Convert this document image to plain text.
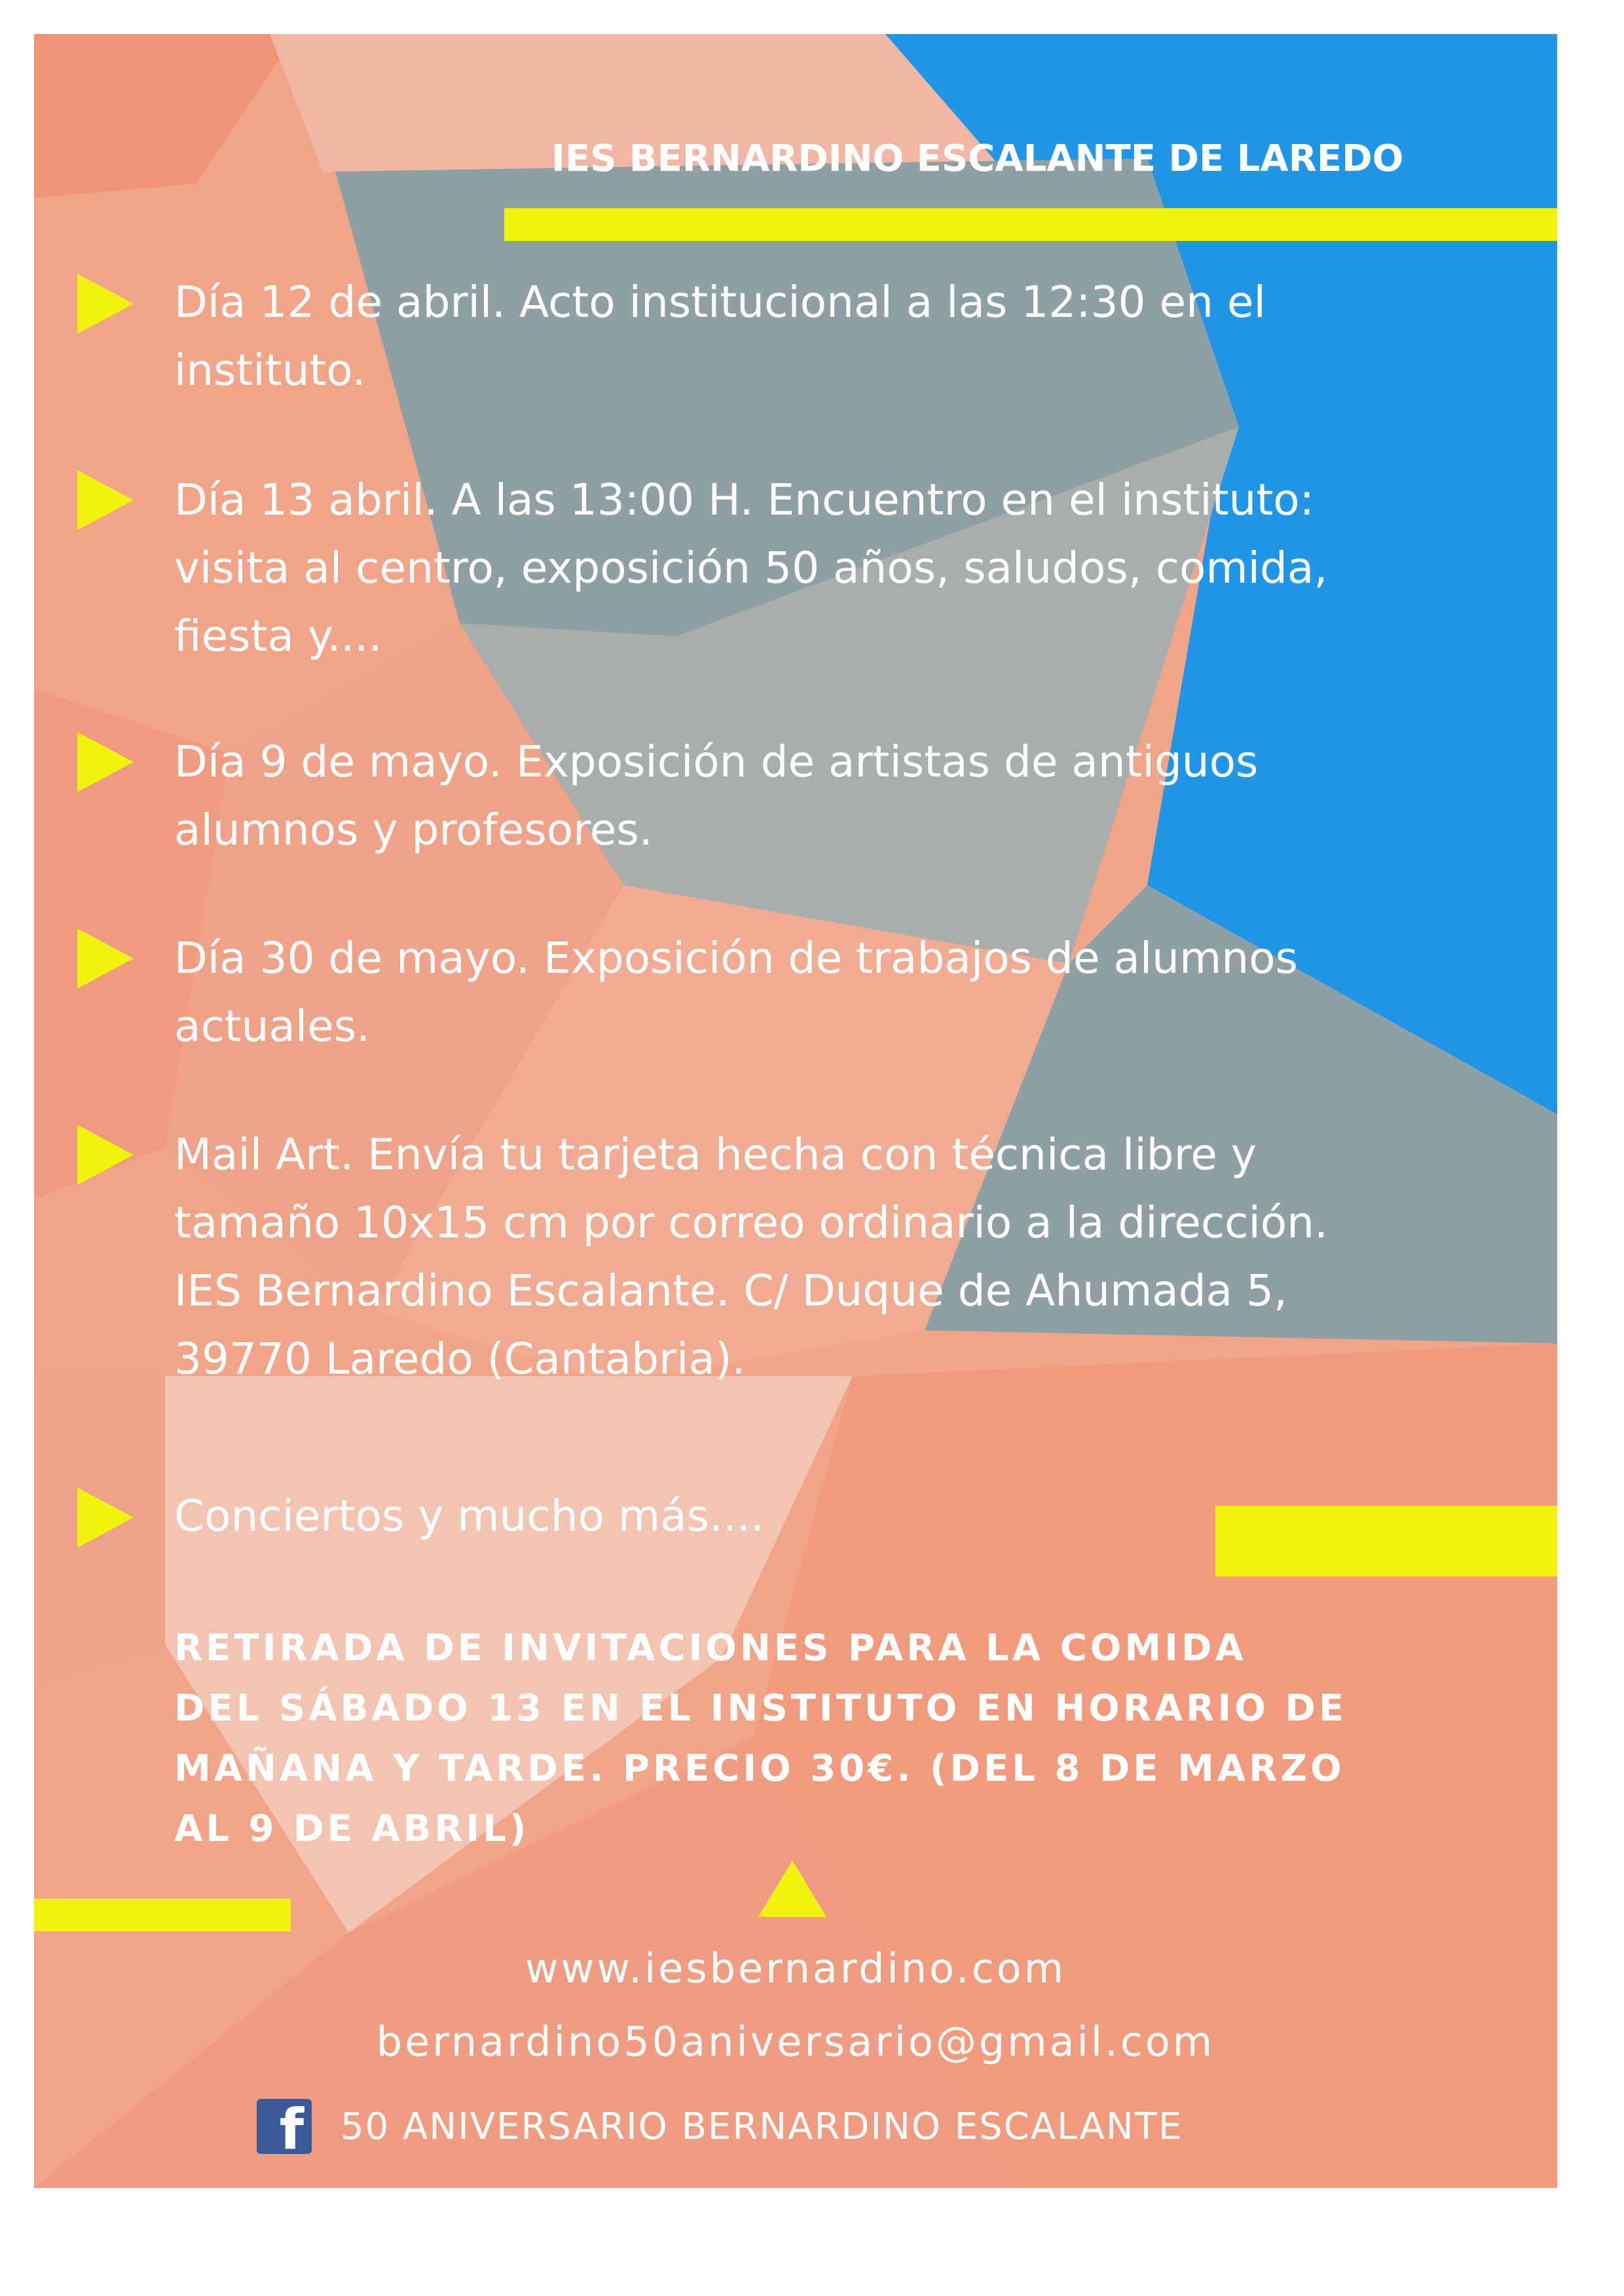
IES BERNARDINO ESCALANTE DE LAREDO
Día 12 de abril. Acto institucional a las 12:30 en el
instituto.
Día 13 abril. A las 13:00 H. Encuentro en el instituto:
visita al centro, exposición 50 años, saludos, comida,
fiesta y....
Día 9 de mayo. Exposición de artistas de antiguos
alumnos y profesores.
Día 30 de mayo. Exposición de trabajos de alumnos
actuales.
Mail Art. Envía tu tarjeta hecha con técnica libre y
tamaño 10x15 cm por correo ordinario a la dirección.
IES Bernardino Escalante. C/ Duque de Ahumada 5,
39770 Laredo (Cantabria).
Conciertos y mucho más....
RETIRADA DE INVITACIONES PARA LA COMIDA
DEL SÁBADO 13 EN EL INSTITUTO EN HORARIO DE
MAÑANA Y TARDE. PRECIO 30€. (DEL 8 DE MARZO
AL 9 DE ABRIL)
www.iesbernardino.com
bernardino50aniversario@gmail.com
f 50 ANIVERSARIO BERNARDINO ESCALANTE
